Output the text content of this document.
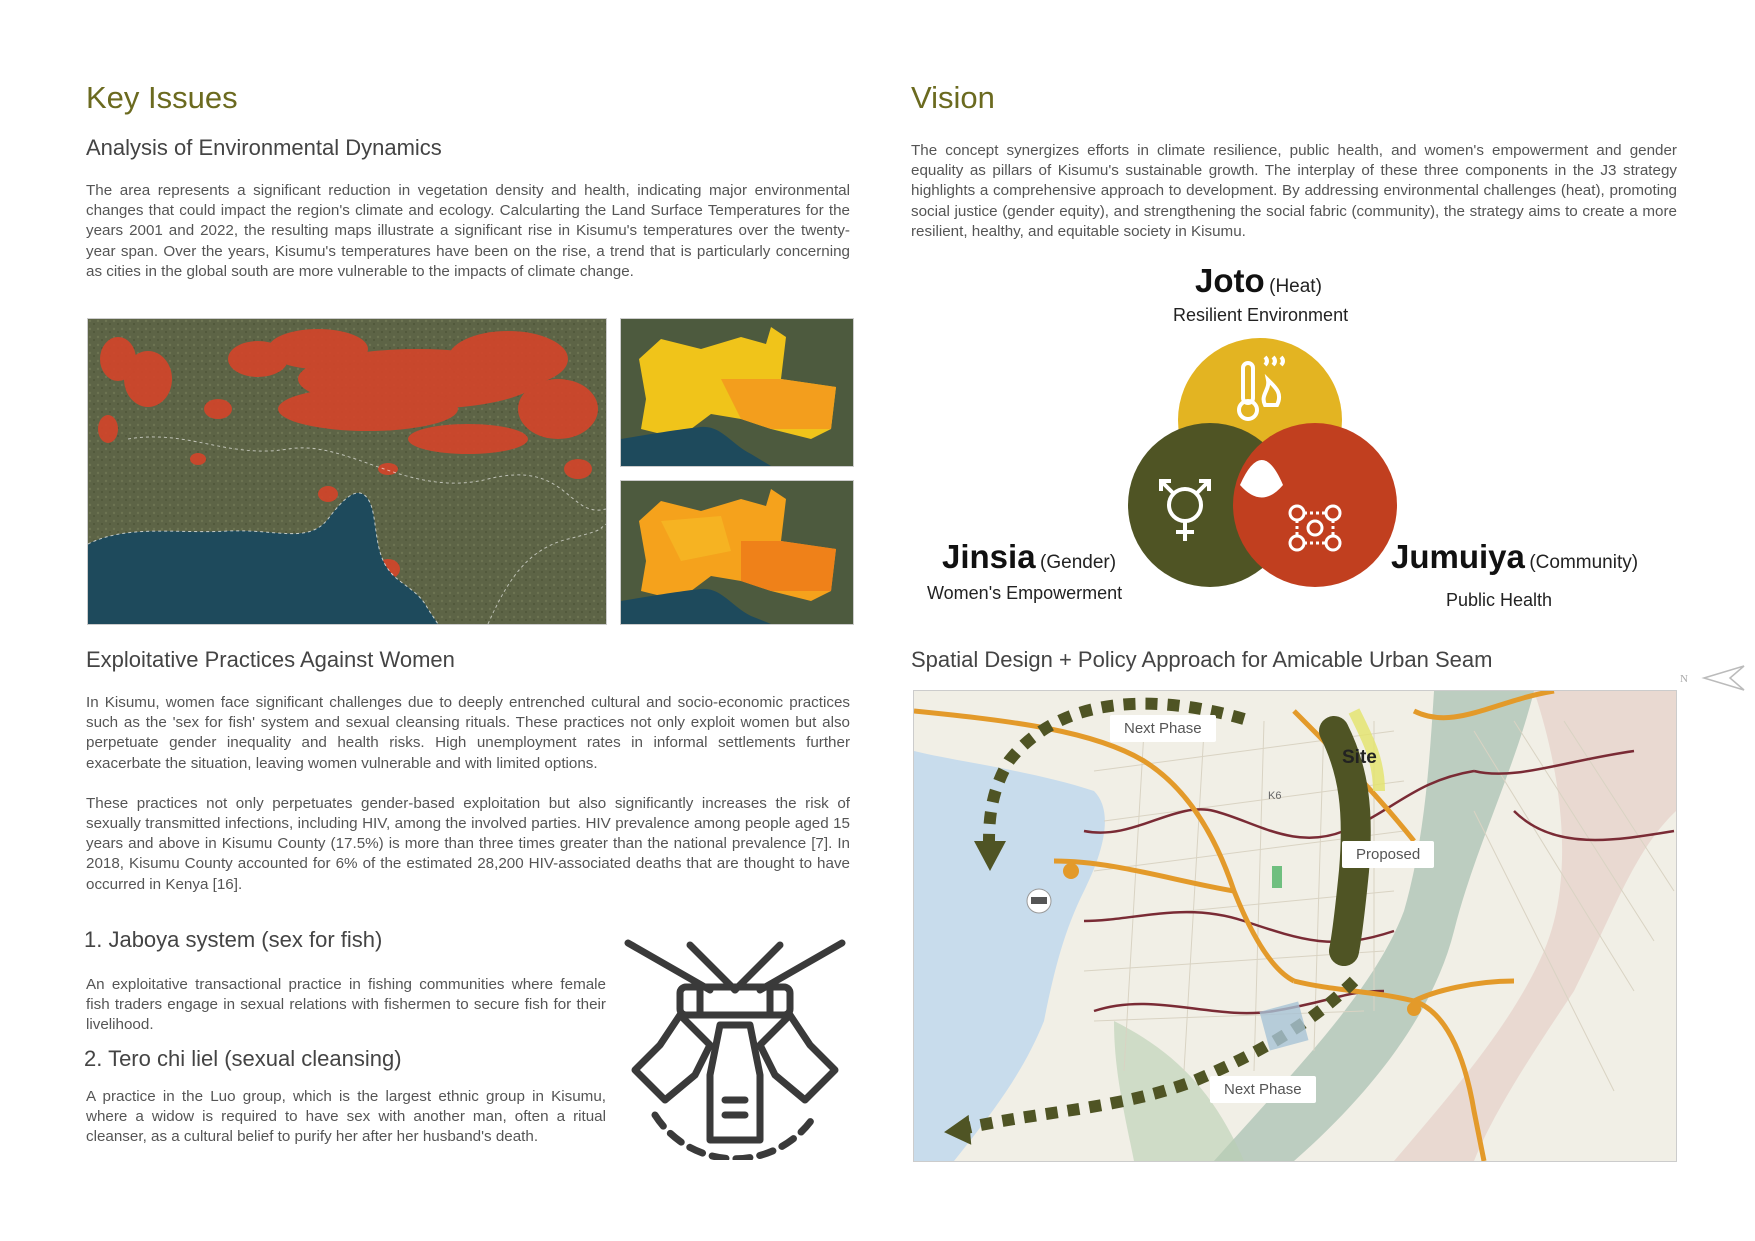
Key Issues
Analysis of Environmental Dynamics
The area represents a significant reduction in vegetation density and health, indicating major environmental changes that could impact the region's climate and ecology. Calcularting the Land Surface Temperatures for the years 2001 and 2022, the resulting maps illustrate a significant rise in Kisumu's temperatures over the twenty-year span. Over the years, Kisumu's temperatures have been on the rise, a trend that is particularly concerning as cities in the global south are more vulnerable to the impacts of climate change.
Exploitative Practices Against Women

In Kisumu, women face significant challenges due to deeply entrenched cultural and socio-economic practices such as the 'sex for fish' system and sexual cleansing rituals. These practices not only exploit women but also perpetuate gender inequality and health risks. High unemployment rates in informal settlements further exacerbate the situation, leaving women vulnerable and with limited options.

These practices not only perpetuates gender-based exploitation but also significantly increases the risk of sexually transmitted infections, including HIV, among the involved parties. HIV prevalence among people aged 15 years and above in Kisumu County (17.5%) is more than three times greater than the national prevalence [7]. In 2018, Kisumu County accounted for 6% of the estimated 28,200 HIV-associated deaths that are thought to have occurred in Kenya [16].

1. Jaboya system (sex for fish)
An exploitative transactional practice in fishing communities where female fish traders engage in sexual relations with fishermen to secure fish for their livelihood.
2. Tero chi liel (sexual cleansing)
A practice in the Luo group, which is the largest ethnic group in Kisumu, where a widow is required to have sex with another man, often a ritual cleanser, as a cultural belief to purify her after her husband's death.
Vision
The concept synergizes efforts in climate resilience, public health, and women's empowerment and gender equality as pillars of Kisumu's sustainable growth. The interplay of these three components in the J3 strategy highlights a comprehensive approach to development. By addressing environmental challenges (heat), promoting social justice (gender equity), and strengthening the social fabric (community), the strategy aims to create a more resilient, healthy, and equitable society in Kisumu.
Joto (Heat)
Resilient Environment
Jinsia (Gender)
Women's Empowerment
Jumuiya (Community)
Public Health
Spatial Design + Policy Approach for Amicable Urban Seam
N
K6
Site
Next Phase
Proposed
Next Phase
